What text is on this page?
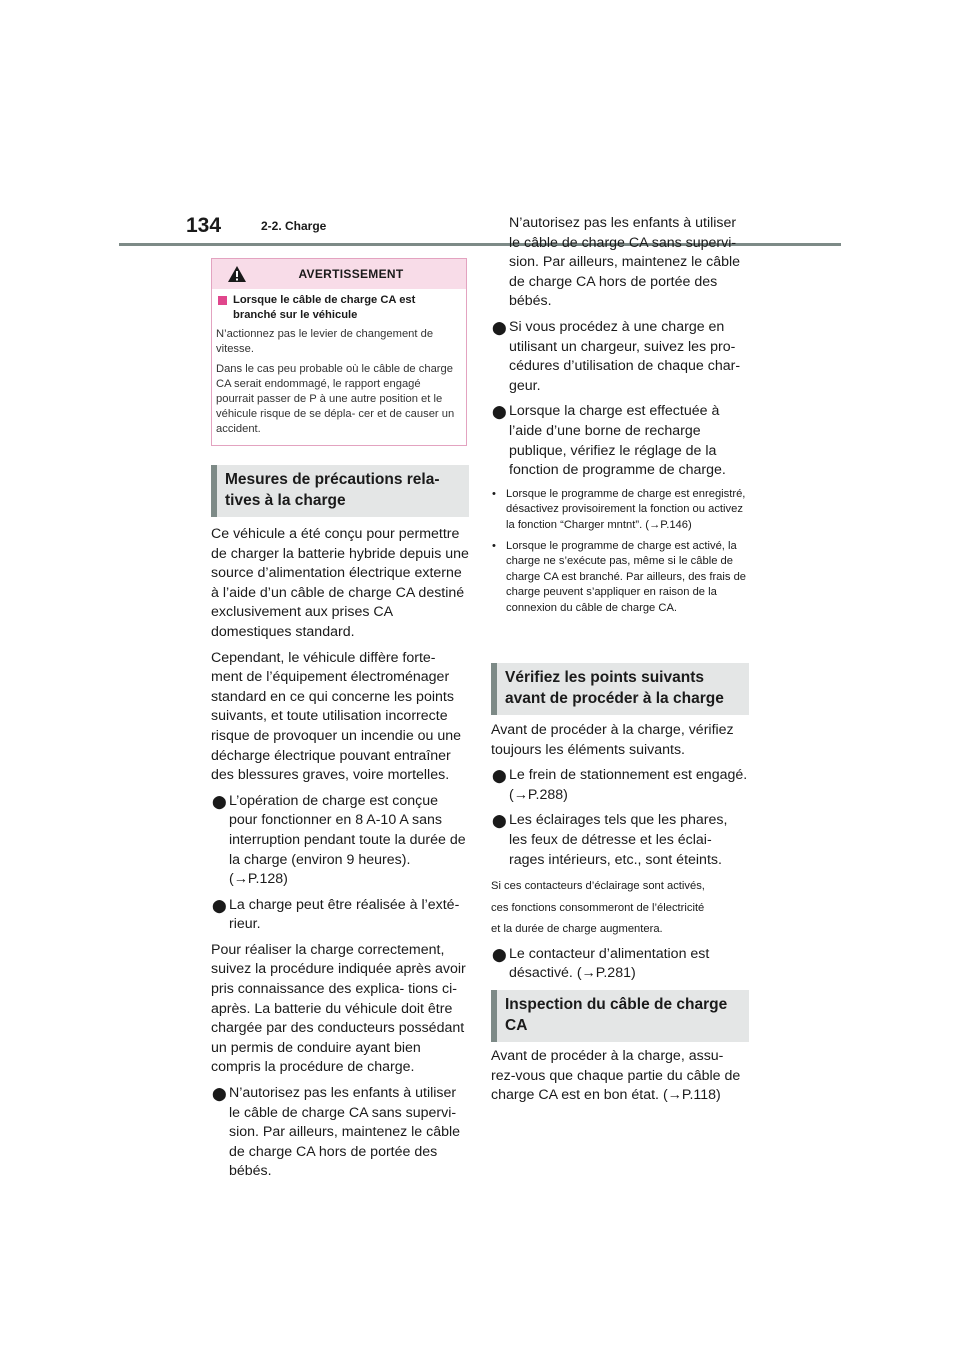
134	2-2. Charge
AVERTISSEMENT
Lorsque le câble de charge CA est branché sur le véhicule

N’actionnez pas le levier de changement de vitesse.

Dans le cas peu probable où le câble de charge CA serait endommagé, le rapport engagé pourrait passer de P à une autre position et le véhicule risque de se dépla- cer et de causer un accident.

Mesures de précautions rela- tives à la charge

Ce véhicule a été conçu pour permettre de charger la batterie hybride depuis une source d’alimentation électrique externe à l’aide d’un câble de charge CA destiné exclusivement aux prises CA domestiques standard.

Cependant, le véhicule diffère forte- ment de l’équipement électroménager standard en ce qui concerne les points suivants, et toute utilisation incorrecte risque de provoquer un incendie ou une décharge électrique pouvant entraîner des blessures graves, voire mortelles.

⬤ L’opération de charge est conçue pour fonctionner en 8 A-10 A sans interruption pendant toute la durée de la charge (environ 9 heures). (→P.128)
⬤ La charge peut être réalisée à l’exté- rieur.

Pour réaliser la charge correctement, suivez la procédure indiquée après avoir pris connaissance des explica- tions ci-après. La batterie du véhicule doit être chargée par des conducteurs possédant un permis de conduire ayant bien compris la procédure de charge.

⬤ N’autorisez pas les enfants à utiliser le câble de charge CA sans supervi- sion. Par ailleurs, maintenez le câble de charge CA hors de portée des bébés.
N’autorisez pas les enfants à utiliser le câble de charge CA sans supervi- sion. Par ailleurs, maintenez le câble de charge CA hors de portée des bébés.
⬤ Si vous procédez à une charge en utilisant un chargeur, suivez les pro- cédures d’utilisation de chaque char- geur.
⬤ Lorsque la charge est effectuée à l’aide d’une borne de recharge publique, vérifiez le réglage de la fonction de programme de charge.
• Lorsque le programme de charge est enregistré, désactivez provisoirement la fonction ou activez la fonction “Charger mntnt”. (→P.146)
• Lorsque le programme de charge est activé, la charge ne s’exécute pas, même si le câble de charge CA est branché. Par ailleurs, des frais de charge peuvent s’appliquer en raison de la connexion du câble de charge CA.
Vérifiez les points suivants avant de procéder à la charge

Avant de procéder à la charge, vérifiez toujours les éléments suivants.

⬤ Le frein de stationnement est engagé. (→P.288)
⬤ Les éclairages tels que les phares, les feux de détresse et les éclai- rages intérieurs, etc., sont éteints.
Si ces contacteurs d’éclairage sont activés,
ces fonctions consommeront de l’électricité
et la durée de charge augmentera.
⬤ Le contacteur d’alimentation est désactivé. (→P.281)
Inspection du câble de charge CA

Avant de procéder à la charge, assu- rez-vous que chaque partie du câble de charge CA est en bon état. (→P.118)
